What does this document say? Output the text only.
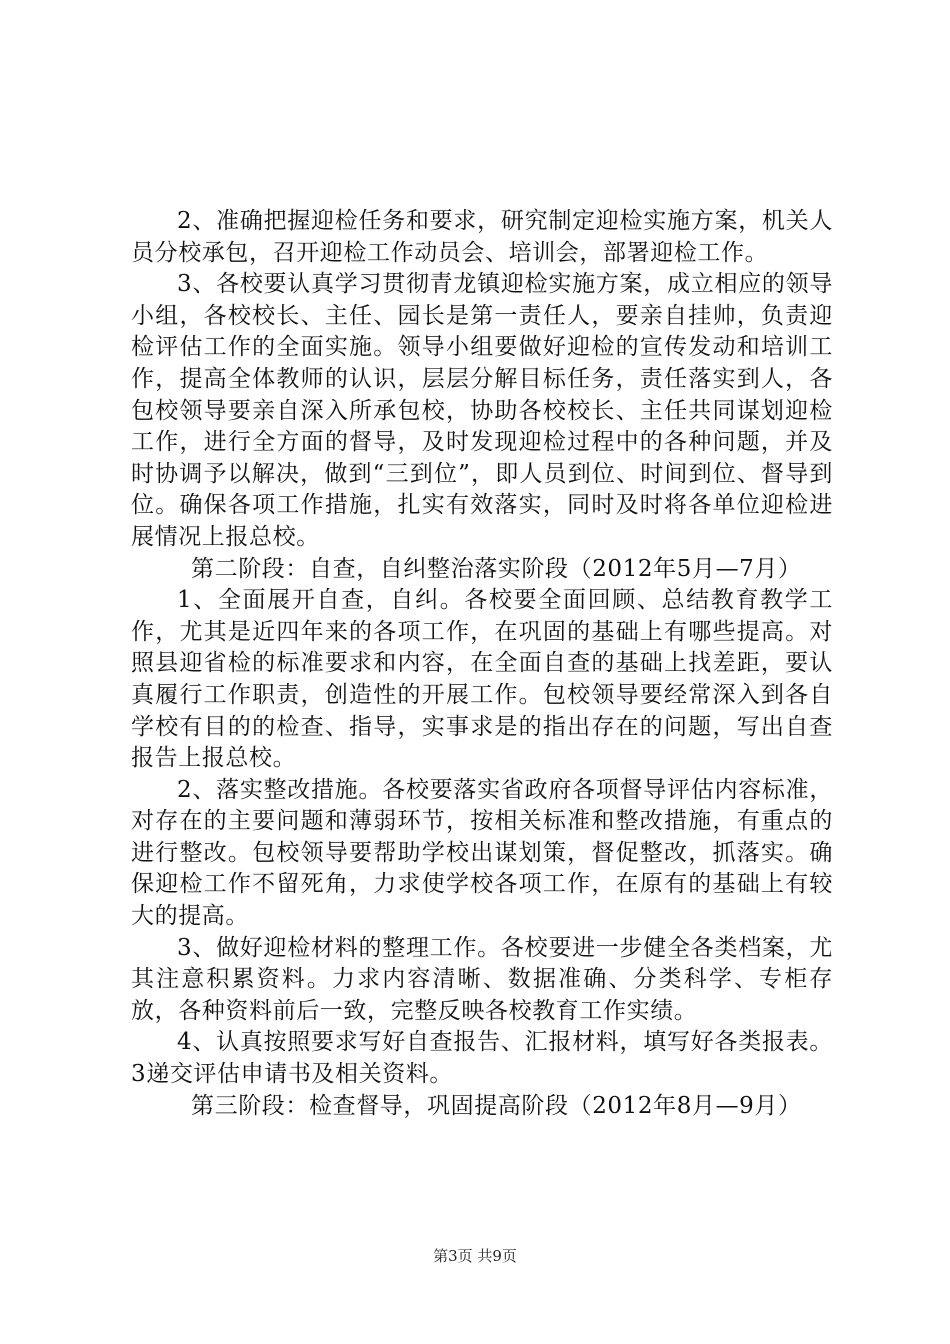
2、准确把握迎检任务和要求，研究制定迎检实施方案，机关人员分校承包，召开迎检工作动员会、培训会，部署迎检工作。

3、各校要认真学习贯彻青龙镇迎检实施方案，成立相应的领导小组，各校校长、主任、园长是第一责任人，要亲自挂帅，负责迎检评估工作的全面实施。领导小组要做好迎检的宣传发动和培训工作，提高全体教师的认识，层层分解目标任务，责任落实到人，各包校领导要亲自深入所承包校，协助各校校长、主任共同谋划迎检工作，进行全方面的督导，及时发现迎检过程中的各种问题，并及时协调予以解决，做到“三到位”，即人员到位、时间到位、督导到位。确保各项工作措施，扎实有效落实，同时及时将各单位迎检进展情况上报总校。

第二阶段：自查，自纠整治落实阶段（2012年5月—7月）

1、全面展开自查，自纠。各校要全面回顾、总结教育教学工作，尤其是近四年来的各项工作，在巩固的基础上有哪些提高。对照县迎省检的标准要求和内容，在全面自查的基础上找差距，要认真履行工作职责，创造性的开展工作。包校领导要经常深入到各自学校有目的的检查、指导，实事求是的指出存在的问题，写出自查报告上报总校。

2、落实整改措施。各校要落实省政府各项督导评估内容标准，对存在的主要问题和薄弱环节，按相关标准和整改措施，有重点的进行整改。包校领导要帮助学校出谋划策，督促整改，抓落实。确保迎检工作不留死角，力求使学校各项工作，在原有的基础上有较大的提高。

3、做好迎检材料的整理工作。各校要进一步健全各类档案，尤其注意积累资料。力求内容清晰、数据准确、分类科学、专柜存放，各种资料前后一致，完整反映各校教育工作实绩。

4、认真按照要求写好自查报告、汇报材料，填写好各类报表。3递交评估申请书及相关资料。

第三阶段：检查督导，巩固提高阶段（2012年8月—9月）

第3页 共9页
